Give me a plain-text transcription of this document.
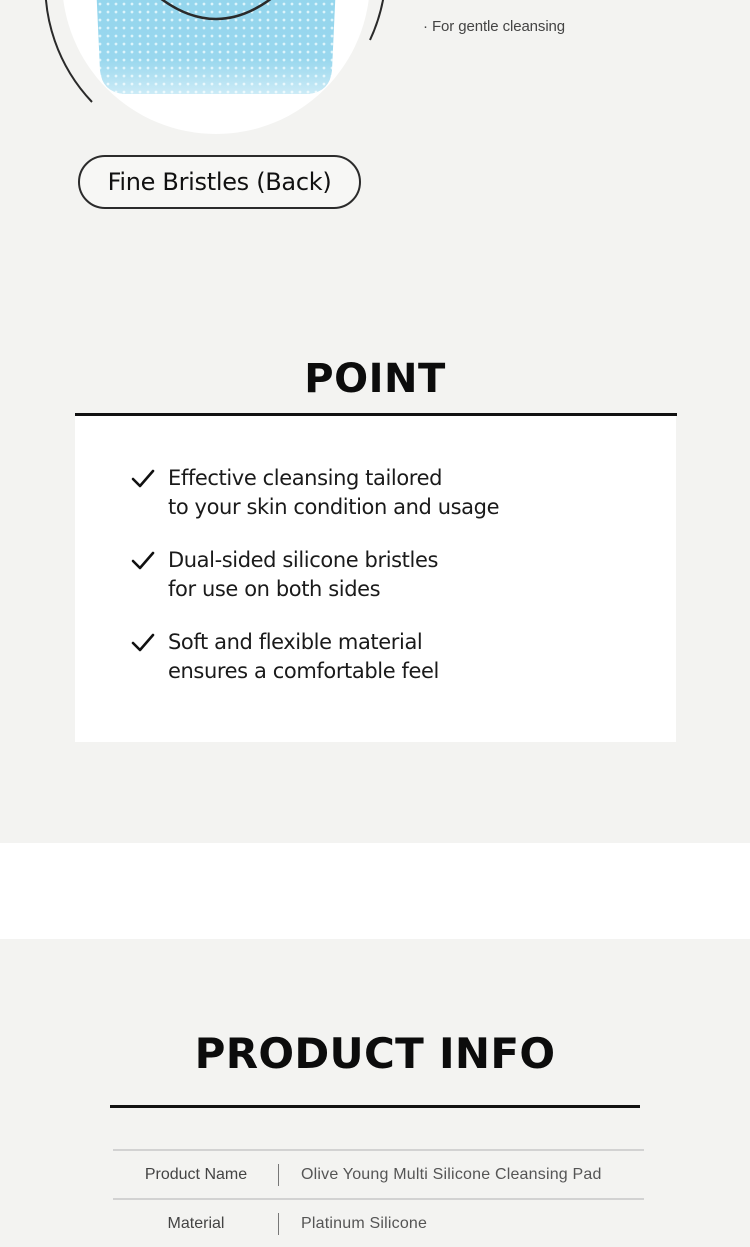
· For gentle cleansing
Fine Bristles (Back)
POINT
Effective cleansing tailored
to your skin condition and usage
Dual-sided silicone bristles
for use on both sides
Soft and flexible material
ensures a comfortable feel
PRODUCT INFO
Product Name	Olive Young Multi Silicone Cleansing Pad
Material	Platinum Silicone
